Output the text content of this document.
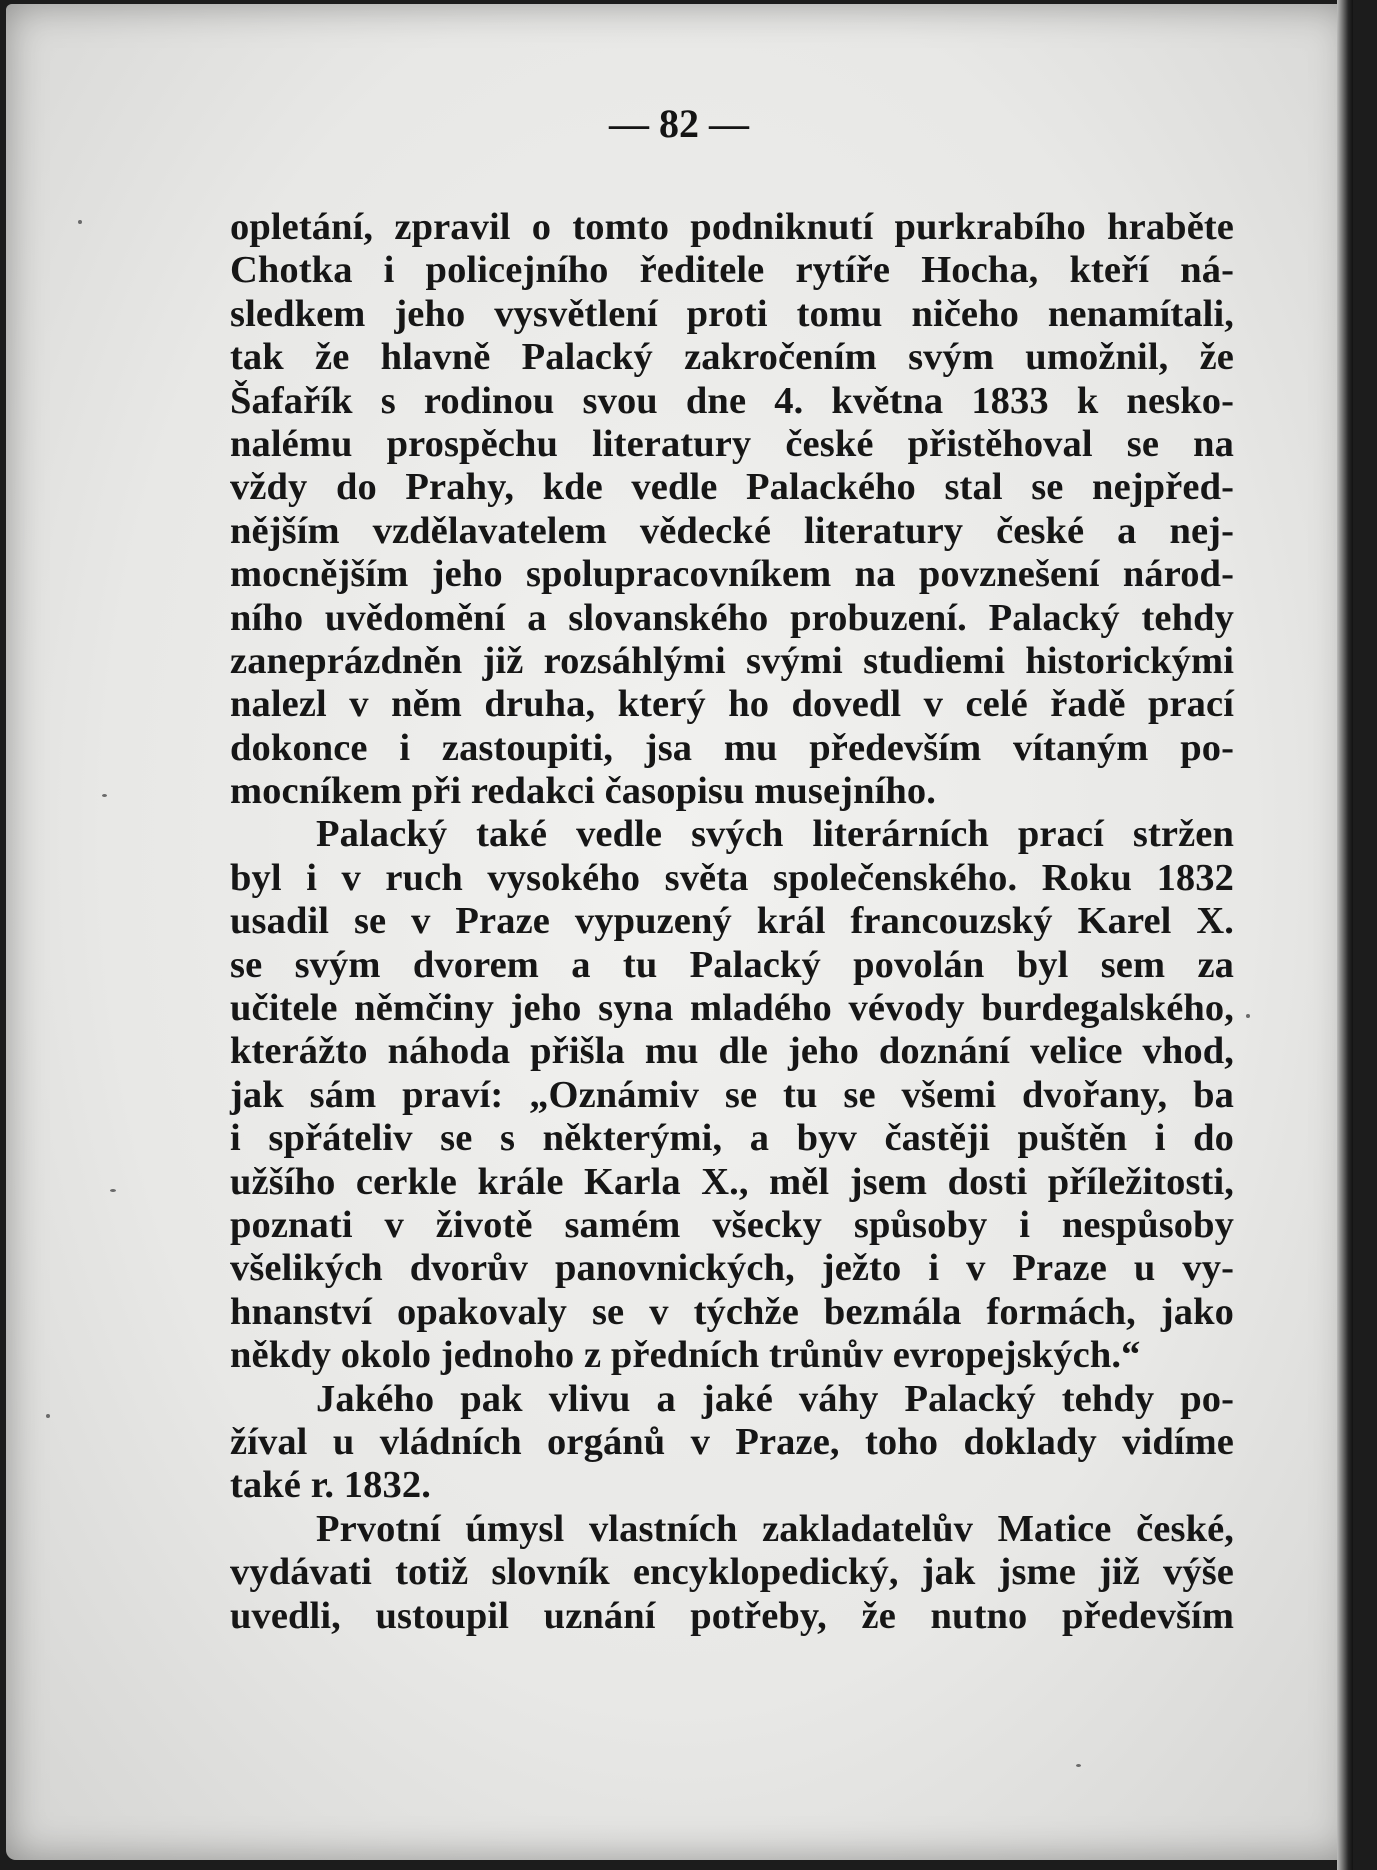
— 82 —
opletání, zpravil o tomto podniknutí purkrabího hraběte
Chotka i policejního ředitele rytíře Hocha, kteří ná-
sledkem jeho vysvětlení proti tomu ničeho nenamítali,
tak že hlavně Palacký zakročením svým umožnil, že
Šafařík s rodinou svou dne 4. května 1833 k nesko-
nalému prospěchu literatury české přistěhoval se na
vždy do Prahy, kde vedle Palackého stal se nejpřed-
nějším vzdělavatelem vědecké literatury české a nej-
mocnějším jeho spolupracovníkem na povznešení národ-
ního uvědomění a slovanského probuzení. Palacký tehdy
zaneprázdněn již rozsáhlými svými studiemi historickými
nalezl v něm druha, který ho dovedl v celé řadě prací
dokonce i zastoupiti, jsa mu především vítaným po-
mocníkem při redakci časopisu musejního.
Palacký také vedle svých literárních prací stržen
byl i v ruch vysokého světa společenského. Roku 1832
usadil se v Praze vypuzený král francouzský Karel X.
se svým dvorem a tu Palacký povolán byl sem za
učitele němčiny jeho syna mladého vévody burdegalského,
kterážto náhoda přišla mu dle jeho doznání velice vhod,
jak sám praví: „Oznámiv se tu se všemi dvořany, ba
i spřáteliv se s některými, a byv častěji puštěn i do
užšího cerkle krále Karla X., měl jsem dosti příležitosti,
poznati v životě samém všecky spůsoby i nespůsoby
všelikých dvorův panovnických, ježto i v Praze u vy-
hnanství opakovaly se v týchže bezmála formách, jako
někdy okolo jednoho z předních trůnův evropejských.“
Jakého pak vlivu a jaké váhy Palacký tehdy po-
žíval u vládních orgánů v Praze, toho doklady vidíme
také r. 1832.
Prvotní úmysl vlastních zakladatelův Matice české,
vydávati totiž slovník encyklopedický, jak jsme již výše
uvedli, ustoupil uznání potřeby, že nutno především
